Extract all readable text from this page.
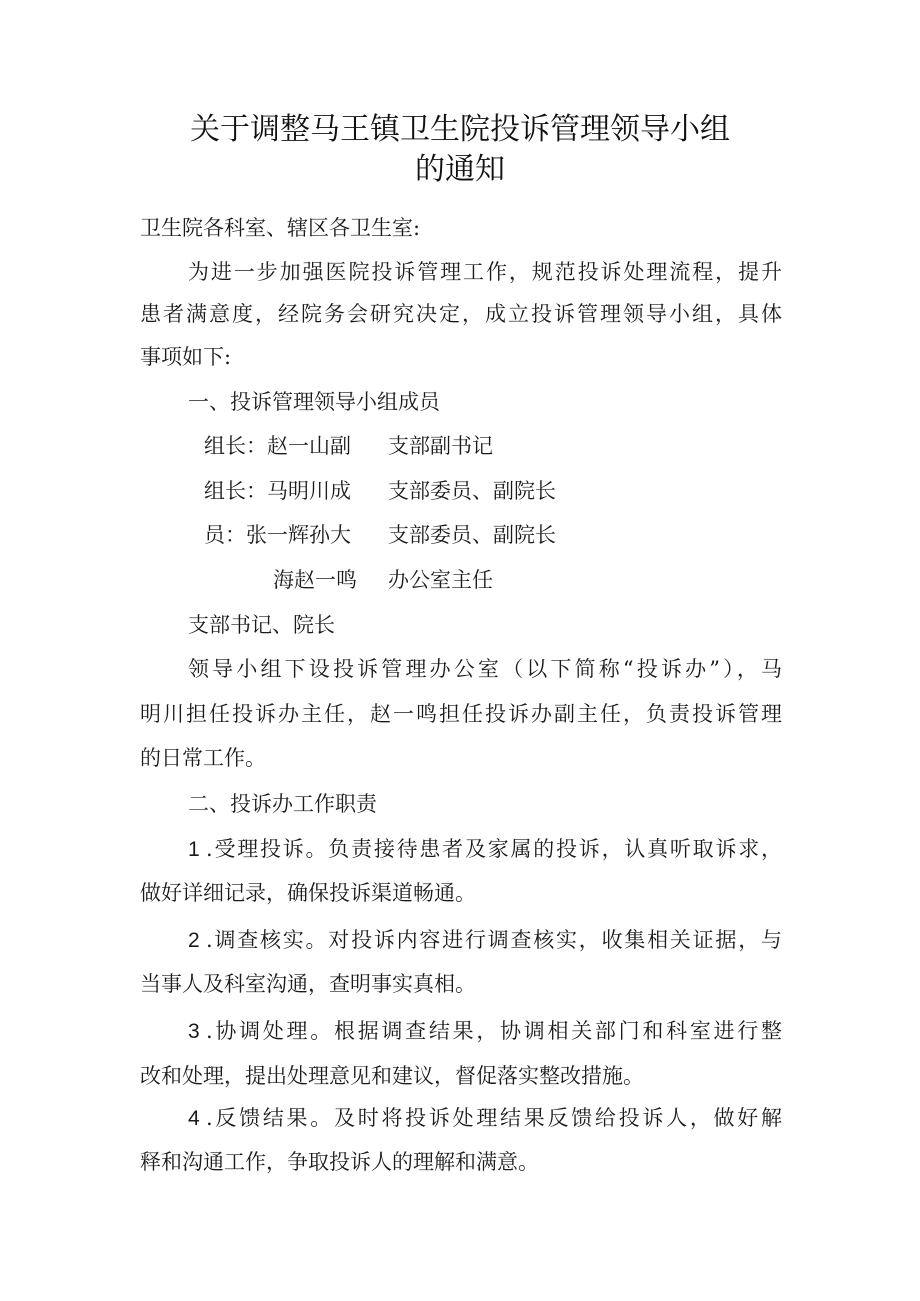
关于调整马王镇卫生院投诉管理领导小组
的通知
卫生院各科室、辖区各卫生室:
为进一步加强医院投诉管理工作，规范投诉处理流程，提升
患者满意度，经院务会研究决定，成立投诉管理领导小组，具体
事项如下:
一、投诉管理领导小组成员
组长：赵一山副 支部副书记
组长：马明川成 支部委员、副院长
员：张一辉孙大 支部委员、副院长
海赵一鸣 办公室主任
支部书记、院长
领导小组下设投诉管理办公室（以下简称“投诉办”），马
明川担任投诉办主任，赵一鸣担任投诉办副主任，负责投诉管理
的日常工作。
二、投诉办工作职责
1 .受理投诉。负责接待患者及家属的投诉，认真听取诉求，
做好详细记录，确保投诉渠道畅通。
2 .调查核实。对投诉内容进行调查核实，收集相关证据，与
当事人及科室沟通，查明事实真相。
3 .协调处理。根据调查结果，协调相关部门和科室进行整
改和处理，提出处理意见和建议，督促落实整改措施。
4 .反馈结果。及时将投诉处理结果反馈给投诉人，做好解
释和沟通工作，争取投诉人的理解和满意。
